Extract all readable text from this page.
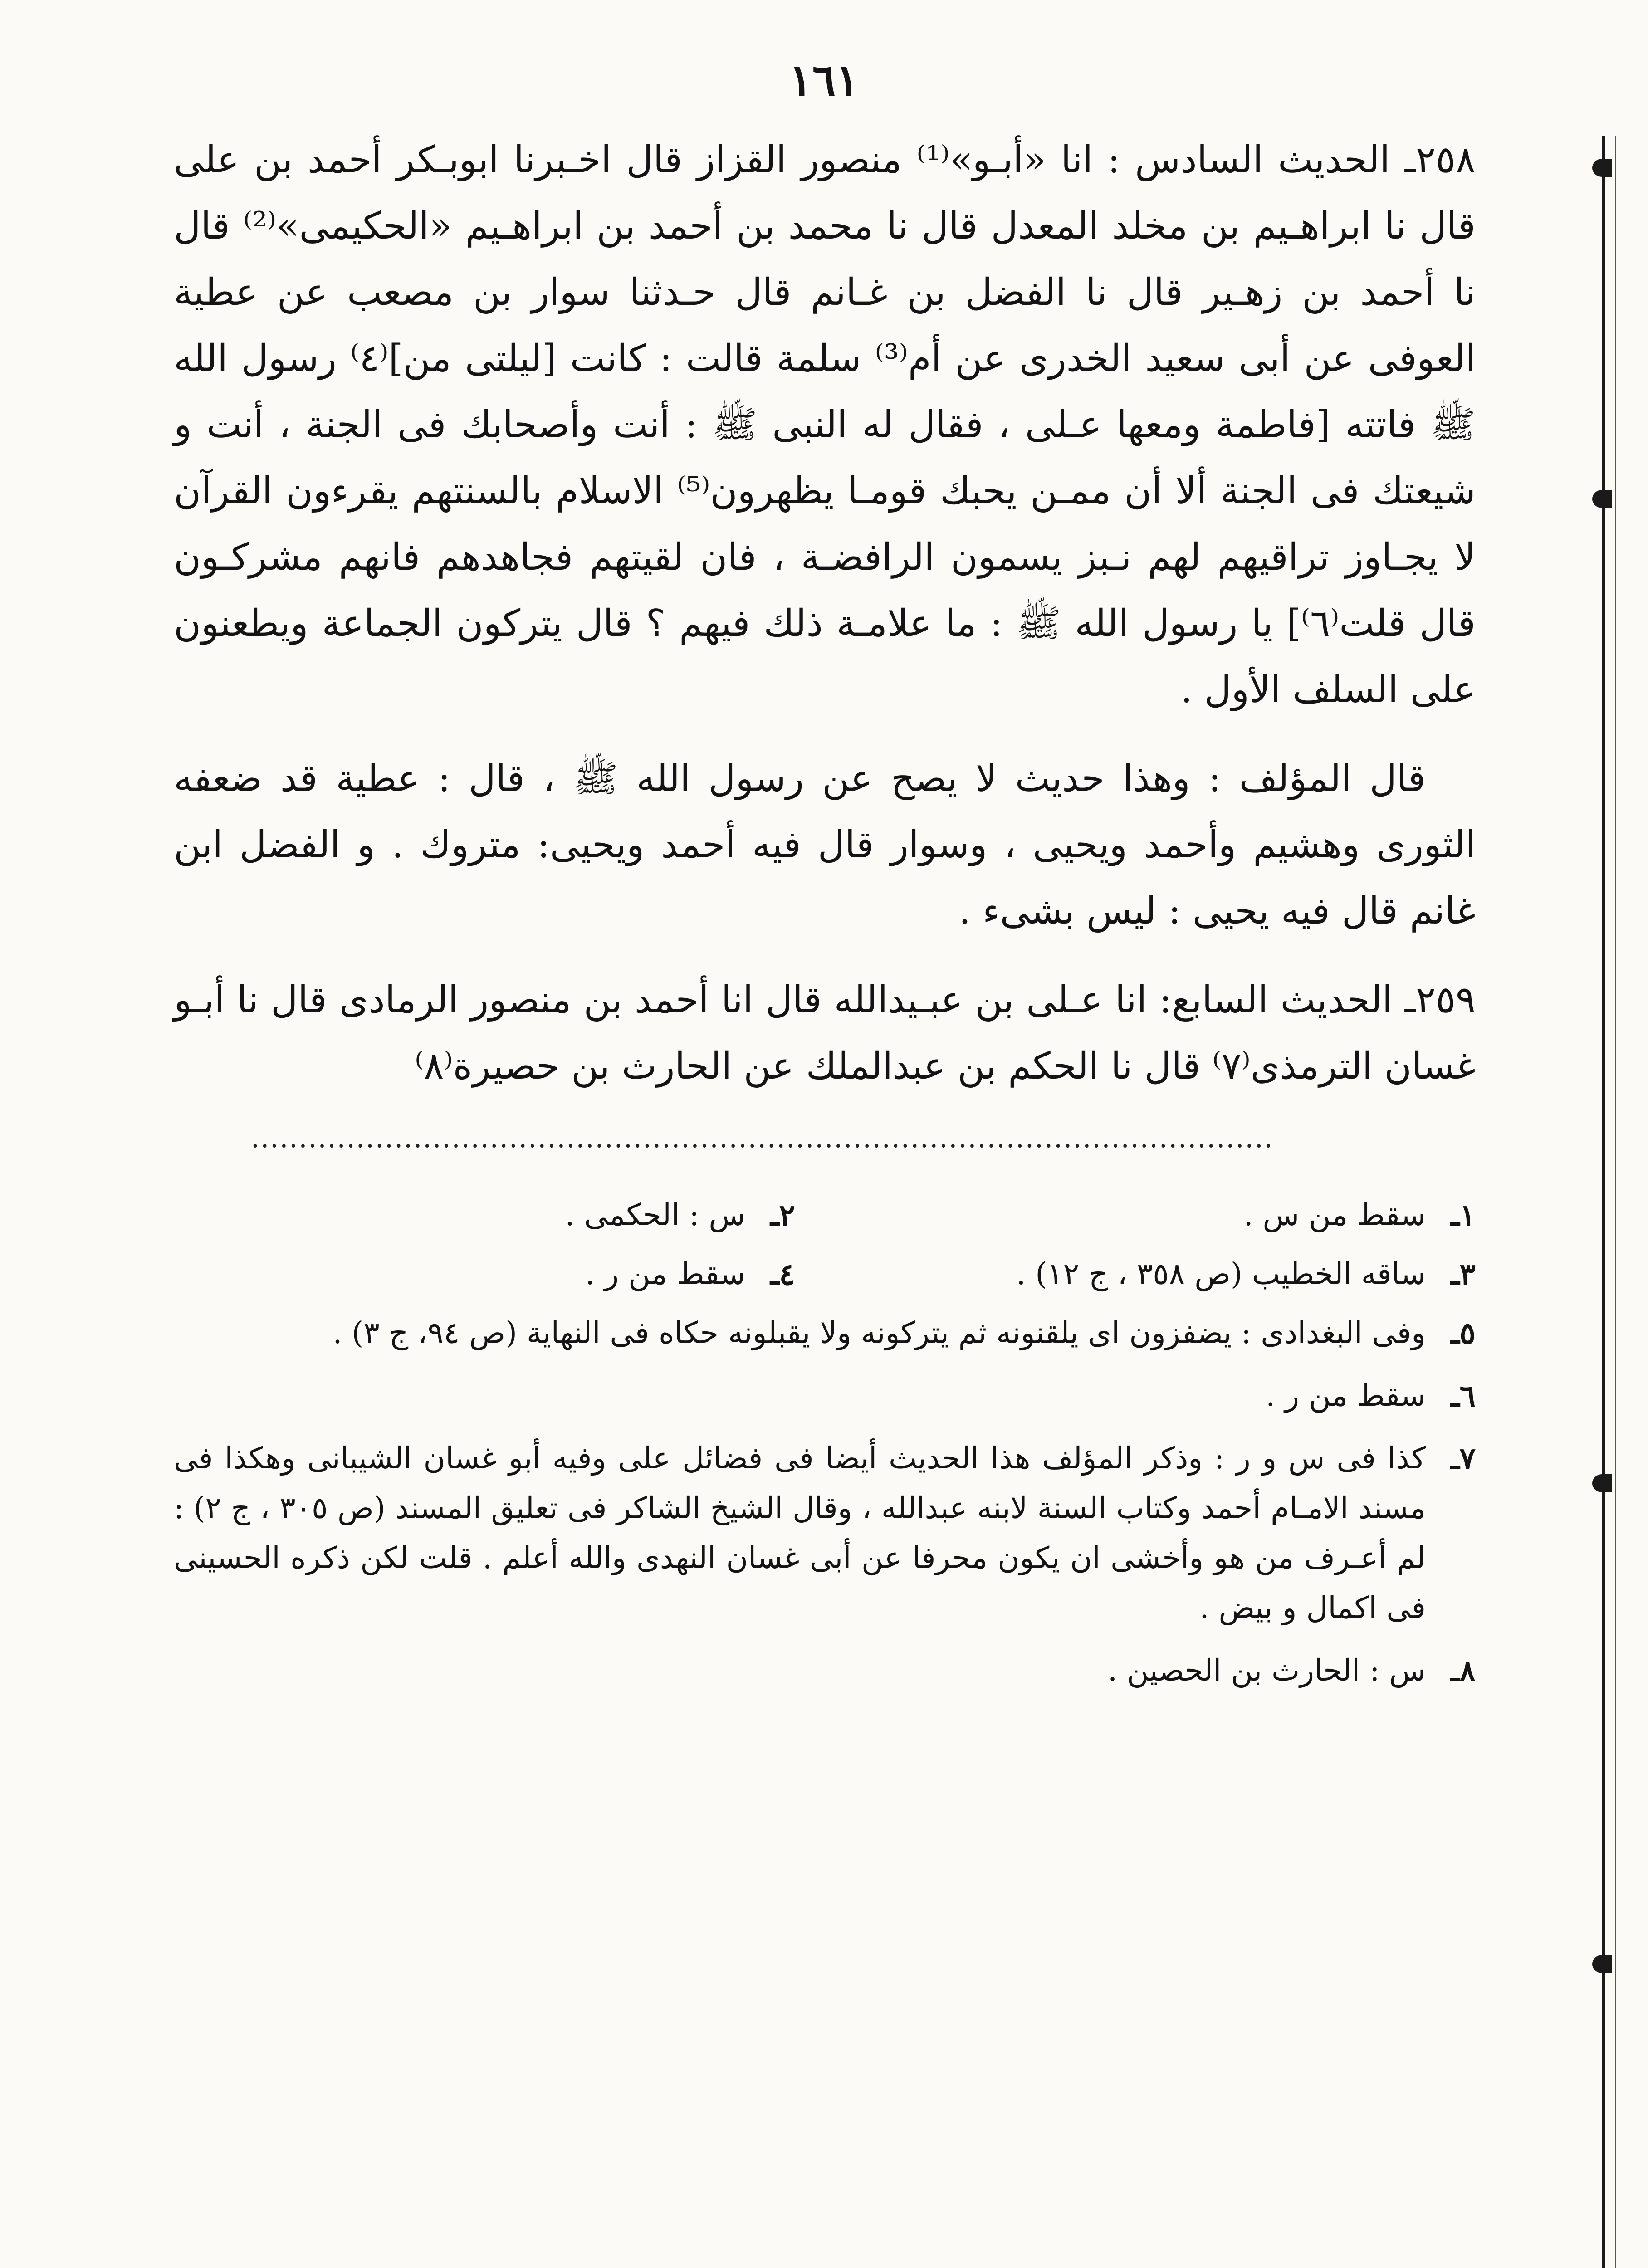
١٦١

٢٥٨ـ الحديث السادس : انا «أبـو»⁽¹⁾ منصور القزاز قال اخـبرنا ابوبـكر أحمد بن على قال نا ابراهـيم بن مخلد المعدل قال نا محمد بن أحمد بن ابراهـيم «الحكيمى»⁽²⁾ قال نا أحمد بن زهـير قال نا الفضل بن غـانم قال حـدثنا سوار بن مصعب عن عطية العوفى عن أبى سعيد الخدرى عن أم⁽³⁾ سلمة قالت : كانت [ليلتى من]⁽٤⁾ رسول الله ﷺ فاتته [فاطمة ومعها عـلى ، فقال له النبى ﷺ : أنت وأصحابك فى الجنة ، أنت و شيعتك فى الجنة ألا أن ممـن يحبك قومـا يظهرون⁽⁵⁾ الاسلام بالسنتهم يقرءون القرآن لا يجـاوز تراقيهم لهم نـبز يسمون الرافضـة ، فان لقيتهم فجاهدهم فانهم مشركـون قال قلت⁽٦⁾] يا رسول الله ﷺ : ما علامـة ذلك فيهم ؟ قال يتركون الجماعة ويطعنون على السلف الأول .

قال المؤلف : وهذا حديث لا يصح عن رسول الله ﷺ ، قال : عطية قد ضعفه الثورى وهشيم وأحمد ويحيى ، وسوار قال فيه أحمد ويحيى: متروك . و الفضل ابن غانم قال فيه يحيى : ليس بشىء .

٢٥٩ـ الحديث السابع: انا عـلى بن عبـيدالله قال انا أحمد بن منصور الرمادى قال نا أبـو غسان الترمذى⁽٧⁾ قال نا الحكم بن عبدالملك عن الحارث بن حصيرة⁽٨⁾

...........................................................................................................
١ـ
سقط من س .
٢ـ
س : الحكمى .
٣ـ
ساقه الخطيب (ص ٣٥٨ ، ج ١٢) .
٤ـ
سقط من ر .
٥ـ
وفى البغدادى : يضفزون اى يلقنونه ثم يتركونه ولا يقبلونه حكاه فى النهاية (ص ٩٤، ج ٣) .
٦ـ
سقط من ر .
٧ـ
كذا فى س و ر : وذكر المؤلف هذا الحديث أيضا فى فضائل على وفيه أبو غسان الشيبانى وهكذا فى مسند الامـام أحمد وكتاب السنة لابنه عبدالله ، وقال الشيخ الشاكر فى تعليق المسند (ص ٣٠٥ ، ج ٢) : لم أعـرف من هو وأخشى ان يكون محرفا عن أبى غسان النهدى والله أعلم . قلت لكن ذكره الحسينى فى اكمال و بيض .
٨ـ
س : الحارث بن الحصين .
